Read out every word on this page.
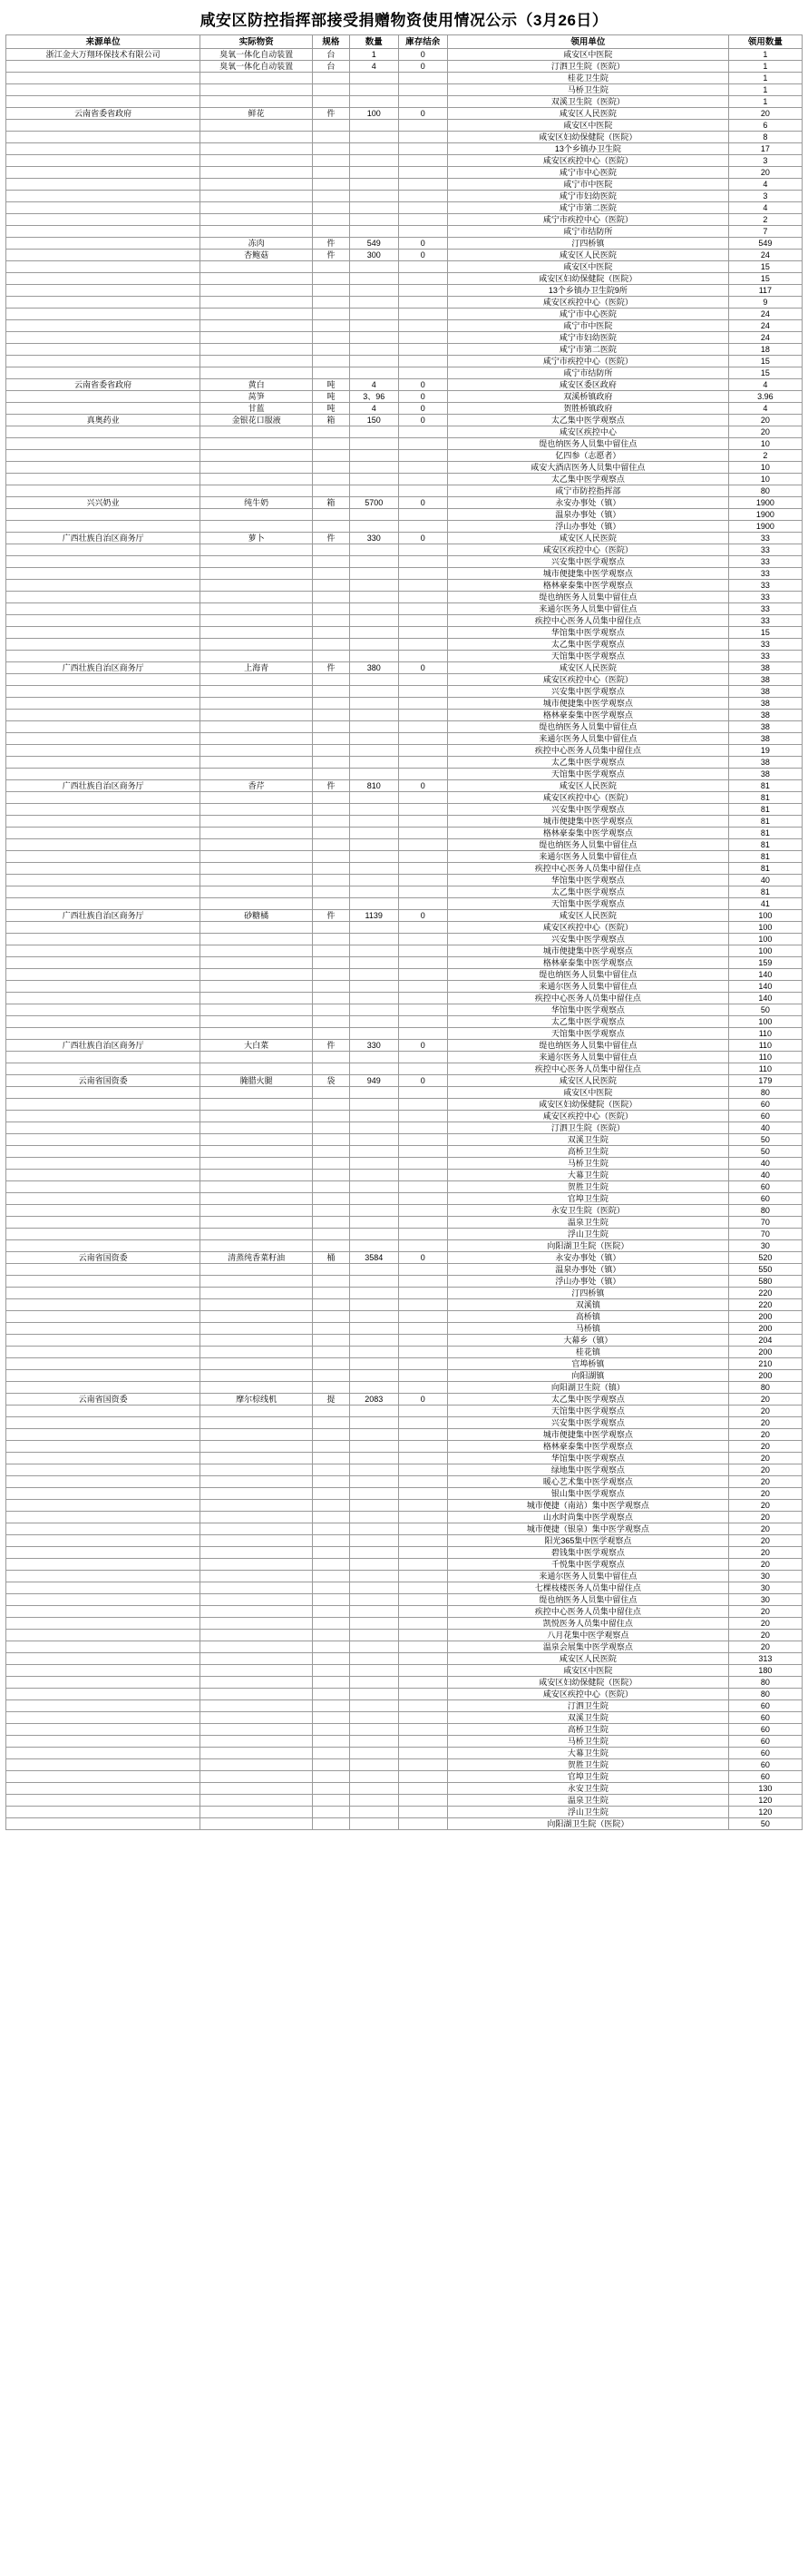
咸安区防控指挥部接受捐赠物资使用情况公示（3月26日）
来源单位	实际物资	规格	数量	庫存结余	领用单位	领用数量
浙江金大万翔环保技术有限公司	臭氧一体化自动装置	台	1	0	咸安区中医院	1
	臭氧一体化自动装置	台	4	0	汀泗卫生院（医院）	1
					桂花卫生院	1
					马桥卫生院	1
					双溪卫生院（医院）	1
云南省委省政府	鲜花	件	100	0	咸安区人民医院	20
					咸安区中医院	6
					咸安区妇幼保健院（医院）	8
					13个乡镇办卫生院	17
					咸安区疾控中心（医院）	3
					咸宁市中心医院	20
					咸宁市中医院	4
					咸宁市妇幼医院	3
					咸宁市第二医院	4
					咸宁市疾控中心（医院）	2
					咸宁市结防所	7
	冻肉	件	549	0	汀四桥镇	549
	杏鲍菇	件	300	0	咸安区人民医院	24
					咸安区中医院	15
					咸安区妇幼保健院（医院）	15
					13个乡镇办卫生院9所	117
					咸安区疾控中心（医院）	9
					咸宁市中心医院	24
					咸宁市中医院	24
					咸宁市妇幼医院	24
					咸宁市第二医院	18
					咸宁市疾控中心（医院）	15
					咸宁市结防所	15
云南省委省政府	黄白	吨	4	0	咸安区委区政府	4
	莴笋	吨	3、96	0	双溪桥镇政府	3.96
	甘蓝	吨	4	0	贺胜桥镇政府	4
真奥药业	金银花口服液	箱	150	0	太乙集中医学观察点	20
					咸安区疾控中心	20
					缇也纳医务人员集中留住点	10
					亿四参（志愿者）	2
					咸安大酒店医务人员集中留住点	10
					太乙集中医学观察点	10
					咸宁市防控指挥部	80
兴兴奶业	纯牛奶	箱	5700	0	永安办事处（镇）	1900
					温泉办事处（镇）	1900
					浮山办事处（镇）	1900
广西壮族自治区商务厅	萝卜	件	330	0	咸安区人民医院	33
					咸安区疾控中心（医院）	33
					兴安集中医学观察点	33
					城市便捷集中医学观察点	33
					格林豪泰集中医学观察点	33
					缇也纳医务人员集中留住点	33
					来通尔医务人员集中留住点	33
					疾控中心医务人员集中留住点	33
					华馆集中医学观察点	15
					太乙集中医学观察点	33
					天馆集中医学观察点	33
广西壮族自治区商务厅	上海青	件	380	0	咸安区人民医院	38
					咸安区疾控中心（医院）	38
					兴安集中医学观察点	38
					城市便捷集中医学观察点	38
					格林豪泰集中医学观察点	38
					缇也纳医务人员集中留住点	38
					来通尔医务人员集中留住点	38
					疾控中心医务人员集中留住点	19
					太乙集中医学观察点	38
					天馆集中医学观察点	38
广西壮族自治区商务厅	香芹	件	810	0	咸安区人民医院	81
					咸安区疾控中心（医院）	81
					兴安集中医学观察点	81
					城市便捷集中医学观察点	81
					格林豪泰集中医学观察点	81
					缇也纳医务人员集中留住点	81
					来通尔医务人员集中留住点	81
					疾控中心医务人员集中留住点	81
					华馆集中医学观察点	40
					太乙集中医学观察点	81
					天馆集中医学观察点	41
广西壮族自治区商务厅	砂糖橘	件	1139	0	咸安区人民医院	100
					咸安区疾控中心（医院）	100
					兴安集中医学观察点	100
					城市便捷集中医学观察点	100
					格林豪泰集中医学观察点	159
					缇也纳医务人员集中留住点	140
					来通尔医务人员集中留住点	140
					疾控中心医务人员集中留住点	140
					华馆集中医学观察点	50
					太乙集中医学观察点	100
					天馆集中医学观察点	110
广西壮族自治区商务厅	大白菜	件	330	0	缇也纳医务人员集中留住点	110
					来通尔医务人员集中留住点	110
					疾控中心医务人员集中留住点	110
云南省国资委	腌腊火腿	袋	949	0	咸安区人民医院	179
					咸安区中医院	80
					咸安区妇幼保健院（医院）	60
					咸安区疾控中心（医院）	60
					汀泗卫生院（医院）	40
					双溪卫生院	50
					高桥卫生院	50
					马桥卫生院	40
					大幕卫生院	40
					贺胜卫生院	60
					官埠卫生院	60
					永安卫生院（医院）	80
					温泉卫生院	70
					浮山卫生院	70
					向阳湖卫生院（医院）	30
云南省国资委	清蒸纯香菜籽油	桶	3584	0	永安办事处（镇）	520
					温泉办事处（镇）	550
					浮山办事处（镇）	580
					汀四桥镇	220
					双溪镇	220
					高桥镇	200
					马桥镇	200
					大幕乡（镇）	204
					桂花镇	200
					官埠桥镇	210
					向阳湖镇	200
					向阳湖卫生院（镇）	80
云南省国资委	摩尔棕线机	提	2083	0	太乙集中医学观察点	20
					天馆集中医学观察点	20
					兴安集中医学观察点	20
					城市便捷集中医学观察点	20
					格林豪泰集中医学观察点	20
					华馆集中医学观察点	20
					绿地集中医学观察点	20
					暖心艺术集中医学观察点	20
					银山集中医学观察点	20
					城市便捷（南站）集中医学观察点	20
					山水时尚集中医学观察点	20
					城市便捷（银泉）集中医学观察点	20
					阳光365集中医学观察点	20
					碧钱集中医学观察点	20
					千悦集中医学观察点	20
					来通尔医务人员集中留住点	30
					七棵枝楼医务人员集中留住点	30
					缇也纳医务人员集中留住点	30
					疾控中心医务人员集中留住点	20
					凯悦医务人员集中留住点	20
					八月花集中医学观察点	20
					温泉会展集中医学观察点	20
					咸安区人民医院	313
					咸安区中医院	180
					咸安区妇幼保健院（医院）	80
					咸安区疾控中心（医院）	80
					汀泗卫生院	60
					双溪卫生院	60
					高桥卫生院	60
					马桥卫生院	60
					大幕卫生院	60
					贺胜卫生院	60
					官埠卫生院	60
					永安卫生院	130
					温泉卫生院	120
					浮山卫生院	120
					向阳湖卫生院（医院）	50
